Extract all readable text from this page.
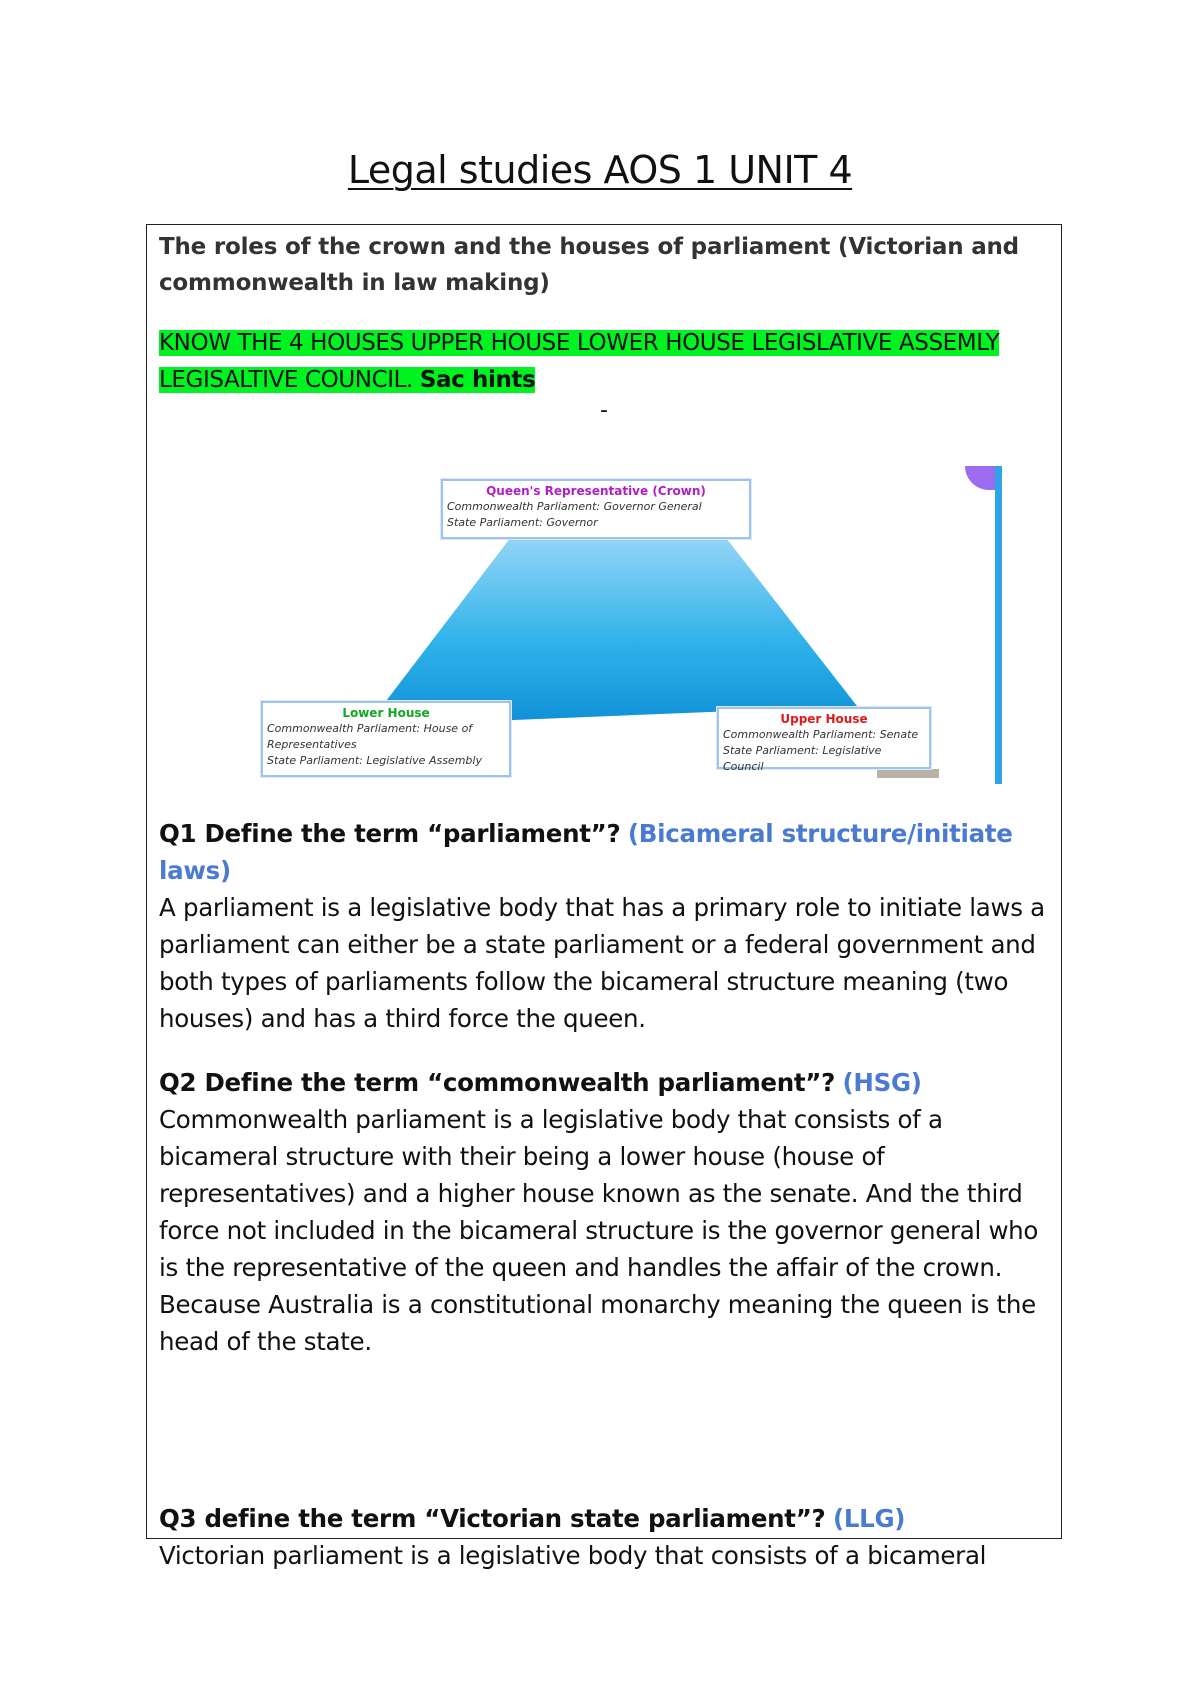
Legal studies AOS 1 UNIT 4
The roles of the crown and the houses of parliament (Victorian and commonwealth in law making)
KNOW THE 4 HOUSES UPPER HOUSE LOWER HOUSE LEGISLATIVE ASSEMLY LEGISALTIVE COUNCIL. Sac hints
-
Queen's Representative (Crown)
Commonwealth Parliament: Governor General
State Parliament: Governor
Lower House
Commonwealth Parliament: House of Representatives
State Parliament: Legislative Assembly
Upper House
Commonwealth Parliament: Senate
State Parliament: Legislative Council
Q1 Define the term “parliament”? (Bicameral structure/initiate laws)
A parliament is a legislative body that has a primary role to initiate laws a parliament can either be a state parliament or a federal government and both types of parliaments follow the bicameral structure meaning (two houses) and has a third force the queen.
Q2 Define the term “commonwealth parliament”? (HSG)
Commonwealth parliament is a legislative body that consists of a bicameral structure with their being a lower house (house of representatives) and a higher house known as the senate. And the third force not included in the bicameral structure is the governor general who is the representative of the queen and handles the affair of the crown. Because Australia is a constitutional monarchy meaning the queen is the head of the state.
Q3 define the term “Victorian state parliament”? (LLG)
Victorian parliament is a legislative body that consists of a bicameral
